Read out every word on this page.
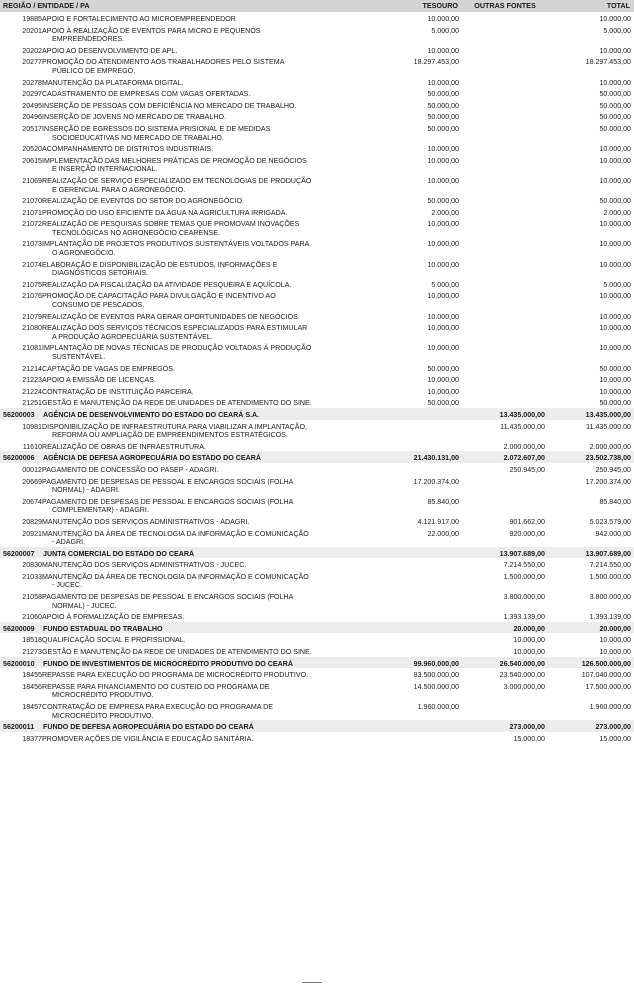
REGIÃO / ENTIDADE / PA	TESOURO	OUTRAS FONTES	TOTAL

19885 APOIO E FORTALECIMENTO AO MICROEMPREENDEDOR	10.000,00		10.000,00

20201 APOIO À REALIZAÇÃO DE EVENTOS PARA MICRO E PEQUENOS
EMPREENDEDORES.	5.000,00		5.000,00

20202 APOIO AO DESENVOLVIMENTO DE APL.	10.000,00		10.000,00

20277 PROMOÇÃO DO ATENDIMENTO AOS TRABALHADORES PELO SISTEMA
PÚBLICO DE EMPREGO.	18.297.453,00		18.297.453,00

20278 MANUTENÇÃO DA PLATAFORMA DIGITAL.	10.000,00		10.000,00

20297 CADASTRAMENTO DE EMPRESAS COM VAGAS OFERTADAS.	50.000,00		50.000,00

20495 INSERÇÃO DE PESSOAS COM DEFICIÊNCIA NO MERCADO DE TRABALHO.	50.000,00		50.000,00

20496 INSERÇÃO DE JOVENS NO MERCADO DE TRABALHO.	50.000,00		50.000,00

20517 INSERÇÃO DE EGRESSOS DO SISTEMA PRISIONAL E DE MEDIDAS
SOCIOEDUCATIVAS NO MERCADO DE TRABALHO.	50.000,00		50.000,00

20520 ACOMPANHAMENTO DE DISTRITOS INDUSTRIAIS.	10.000,00		10.000,00

20615 IMPLEMENTAÇÃO DAS MELHORES PRÁTICAS DE PROMOÇÃO DE NEGÓCIOS
E INSERÇÃO INTERNACIONAL.	10.000,00		10.000,00

21069 REALIZAÇÃO DE SERVIÇO ESPECIALIZADO EM TECNOLOGIAS DE PRODUÇÃO
E GERENCIAL PARA O AGRONEGÓCIO.	10.000,00		10.000,00

21070 REALIZAÇÃO DE EVENTOS DO SETOR DO AGRONEGÓCIO.	50.000,00		50.000,00

21071 PROMOÇÃO DO USO EFICIENTE DA ÁGUA NA AGRICULTURA IRRIGADA.	2.000,00		2.000,00

21072 REALIZAÇÃO DE PESQUISAS SOBRE TEMAS QUE PROMOVAM INOVAÇÕES
TECNOLÓGICAS NO AGRONEGÓCIO CEARENSE.	10.000,00		10.000,00

21073 IMPLANTAÇÃO DE PROJETOS PRODUTIVOS SUSTENTÁVEIS VOLTADOS PARA
O AGRONEGÓCIO.	10.000,00		10.000,00

21074 ELABORAÇÃO E DISPONIBILIZAÇÃO DE ESTUDOS, INFORMAÇÕES E
DIAGNÓSTICOS SETORIAIS.	10.000,00		10.000,00

21075 REALIZAÇÃO DA FISCALIZAÇÃO DA ATIVIDADE PESQUEIRA E AQUÍCOLA.	5.000,00		5.000,00

21076 PROMOÇÃO DE CAPACITAÇÃO PARA DIVULGAÇÃO E INCENTIVO AO
CONSUMO DE PESCADOS.	10.000,00		10.000,00

21079 REALIZAÇÃO DE EVENTOS PARA GERAR OPORTUNIDADES DE NEGÓCIOS.	10.000,00		10.000,00

21080 REALIZAÇÃO DOS SERVIÇOS TÉCNICOS ESPECIALIZADOS PARA ESTIMULAR
A PRODUÇÃO AGROPECUÁRIA SUSTENTÁVEL.	10.000,00		10.000,00

21081 IMPLANTAÇÃO DE NOVAS TÉCNICAS DE PRODUÇÃO VOLTADAS À PRODUÇÃO
SUSTENTÁVEL.	10.000,00		10.000,00

21214 CAPTAÇÃO DE VAGAS DE EMPREGOS.	50.000,00		50.000,00

21223 APOIO A EMISSÃO DE LICENÇAS.	10.000,00		10.000,00

21224 CONTRATAÇÃO DE INSTITUIÇÃO PARCEIRA.	10.000,00		10.000,00

21251 GESTÃO E MANUTENÇÃO DA REDE DE UNIDADES DE ATENDIMENTO DO SINE.	50.000,00		50.000,00

56200003 AGÊNCIA DE DESENVOLVIMENTO DO ESTADO DO CEARÁ S.A.		13.435.000,00	13.435.000,00

10981 DISPONIBILIZAÇÃO DE INFRAESTRUTURA PARA VIABILIZAR A IMPLANTAÇÃO,
REFORMA OU AMPLIAÇÃO DE EMPREENDIMENTOS ESTRATÉGICOS.		11.435.000,00	11.435.000,00

11610 REALIZAÇÃO DE OBRAS DE INFRAESTRUTURA.		2.000.000,00	2.000.000,00

56200006 AGÊNCIA DE DEFESA AGROPECUÁRIA DO ESTADO DO CEARÁ	21.430.131,00	2.072.607,00	23.502.738,00

00012 PAGAMENTO DE CONCESSÃO DO PASEP - ADAGRI.		250.945,00	250.945,00

20669 PAGAMENTO DE DESPESAS DE PESSOAL E ENCARGOS SOCIAIS (FOLHA
NORMAL) - ADAGRI.	17.200.374,00		17.200.374,00

20674 PAGAMENTO DE DESPESAS DE PESSOAL E ENCARGOS SOCIAIS (FOLHA
COMPLEMENTAR) - ADAGRI.	85.840,00		85.840,00

20829 MANUTENÇÃO DOS SERVIÇOS ADMINISTRATIVOS - ADAGRI.	4.121.917,00	901.662,00	5.023.579,00

20921 MANUTENÇÃO DA ÁREA DE TECNOLOGIA DA INFORMAÇÃO E COMUNICAÇÃO
- ADAGRI.	22.000,00	920.000,00	942.000,00

56200007 JUNTA COMERCIAL DO ESTADO DO CEARÁ		13.907.689,00	13.907.689,00

20830 MANUTENÇÃO DOS SERVIÇOS ADMINISTRATIVOS - JUCEC.		7.214.550,00	7.214.550,00

21033 MANUTENÇÃO DA ÁREA DE TECNOLOGIA DA INFORMAÇÃO E COMUNICAÇÃO
- JUCEC.		1.500.000,00	1.500.000,00

21058 PAGAMENTO DE DESPESAS DE PESSOAL E ENCARGOS SOCIAIS (FOLHA
NORMAL) - JUCEC.		3.800.000,00	3.800.000,00

21060 APOIO À FORMALIZAÇÃO DE EMPRESAS.		1.393.139,00	1.393.139,00

56200009 FUNDO ESTADUAL DO TRABALHO		20.000,00	20.000,00

18518 QUALIFICAÇÃO SOCIAL E PROFISSIONAL.		10.000,00	10.000,00

21273 GESTÃO E MANUTENÇÃO DA REDE DE UNIDADES DE ATENDIMENTO DO SINE.		10.000,00	10.000,00

56200010 FUNDO DE INVESTIMENTOS DE MICROCRÉDITO PRODUTIVO DO CEARÁ	99.960.000,00	26.540.000,00	126.500.000,00

18455 REPASSE PARA EXECUÇÃO DO PROGRAMA DE MICROCRÉDITO PRODUTIVO.	83.500.000,00	23.540.000,00	107.040.000,00

18456 REPASSE PARA FINANCIAMENTO DO CUSTEIO DO PROGRAMA DE
MICROCRÉDITO PRODUTIVO.	14.500.000,00	3.000.000,00	17.500.000,00

18457 CONTRATAÇÃO DE EMPRESA PARA EXECUÇÃO DO PROGRAMA DE
MICROCRÉDITO PRODUTIVO.	1.960.000,00		1.960.000,00

56200011 FUNDO DE DEFESA AGROPECUÁRIA DO ESTADO DO CEARÁ		273.000,00	273.000,00

18377 PROMOVER AÇÕES DE VIGILÂNCIA E EDUCAÇÃO SANITÁRIA.		15.000,00	15.000,00
